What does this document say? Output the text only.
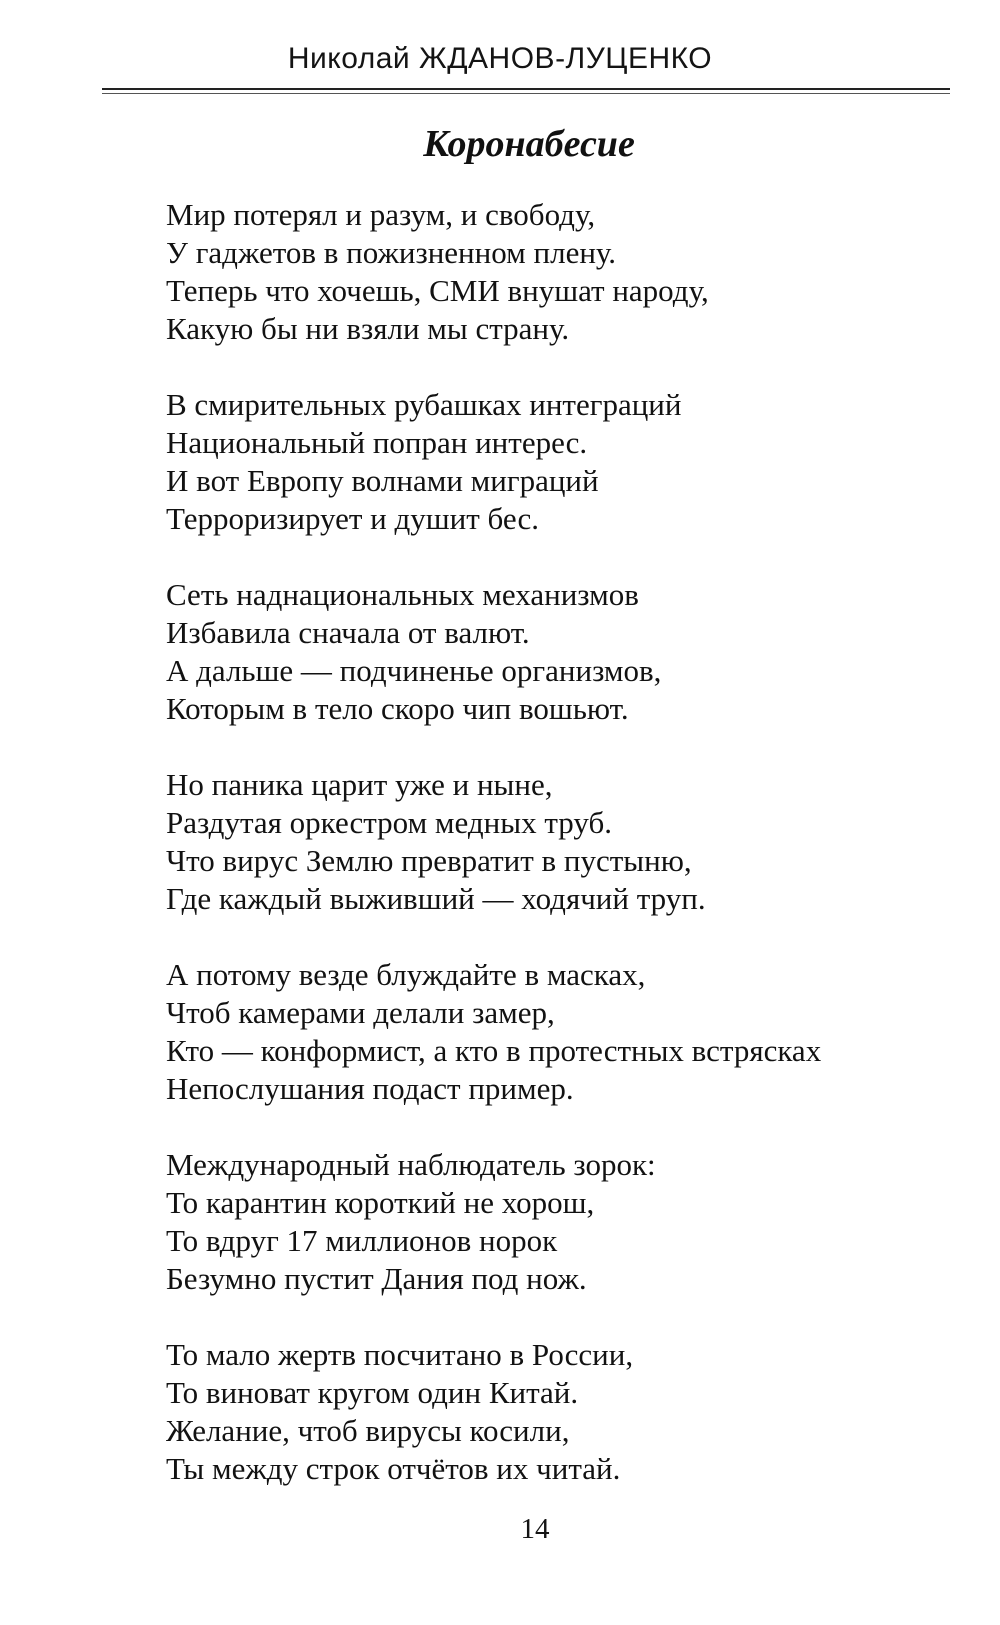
Николай ЖДАНОВ-ЛУЦЕНКО
Коронабесие
Мир потерял и разум, и свободу,
У гаджетов в пожизненном плену.
Теперь что хочешь, СМИ внушат народу,
Какую бы ни взяли мы страну.
В смирительных рубашках интеграций
Национальный попран интерес.
И вот Европу волнами миграций
Терроризирует и душит бес.
Сеть наднациональных механизмов
Избавила сначала от валют.
А дальше — подчиненье организмов,
Которым в тело скоро чип вошьют.
Но паника царит уже и ныне,
Раздутая оркестром медных труб.
Что вирус Землю превратит в пустыню,
Где каждый выживший — ходячий труп.
А потому везде блуждайте в масках,
Чтоб камерами делали замер,
Кто — конформист, а кто в протестных встрясках
Непослушания подаст пример.
Международный наблюдатель зорок:
То карантин короткий не хорош,
То вдруг 17 миллионов норок
Безумно пустит Дания под нож.
То мало жертв посчитано в России,
То виноват кругом один Китай.
Желание, чтоб вирусы косили,
Ты между строк отчётов их читай.
14
